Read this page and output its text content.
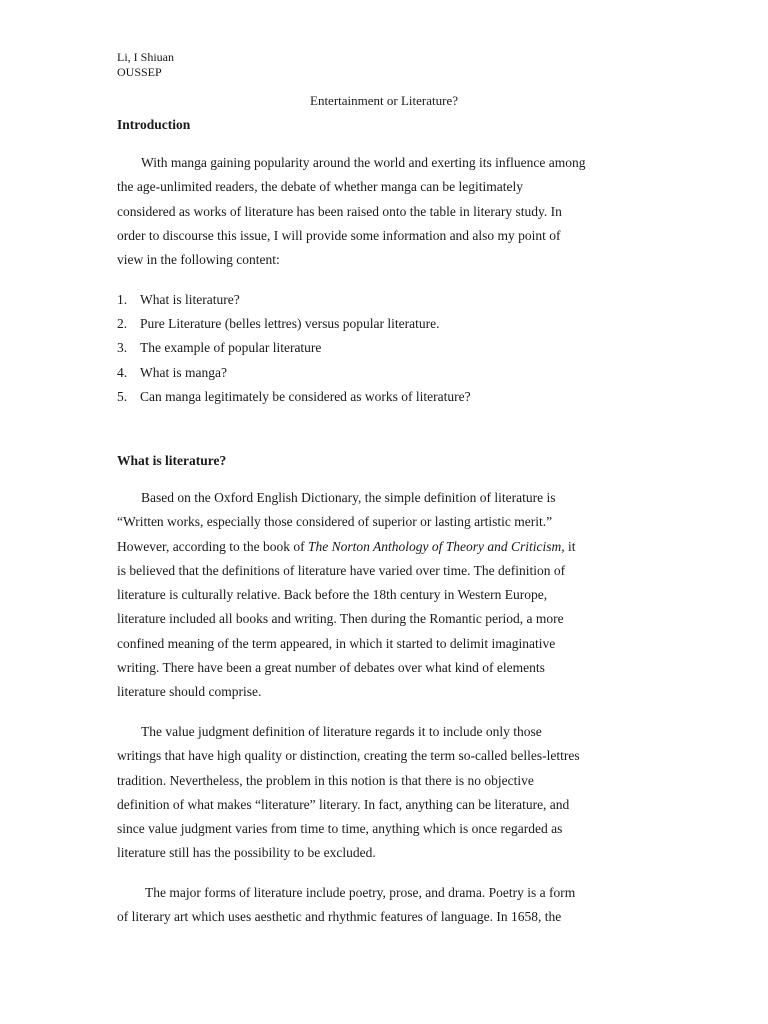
Li, I Shiuan
OUSSEP
Entertainment or Literature?
Introduction
With manga gaining popularity around the world and exerting its influence among
the age-unlimited readers, the debate of whether manga can be legitimately
considered as works of literature has been raised onto the table in literary study. In
order to discourse this issue, I will provide some information and also my point of
view in the following content:
1. What is literature?
2. Pure Literature (belles lettres) versus popular literature.
3. The example of popular literature
4. What is manga?
5. Can manga legitimately be considered as works of literature?
What is literature?
Based on the Oxford English Dictionary, the simple definition of literature is
“Written works, especially those considered of superior or lasting artistic merit.”
However, according to the book of The Norton Anthology of Theory and Criticism, it
is believed that the definitions of literature have varied over time. The definition of
literature is culturally relative. Back before the 18th century in Western Europe,
literature included all books and writing. Then during the Romantic period, a more
confined meaning of the term appeared, in which it started to delimit imaginative
writing. There have been a great number of debates over what kind of elements
literature should comprise.
The value judgment definition of literature regards it to include only those
writings that have high quality or distinction, creating the term so-called belles-lettres
tradition. Nevertheless, the problem in this notion is that there is no objective
definition of what makes “literature” literary. In fact, anything can be literature, and
since value judgment varies from time to time, anything which is once regarded as
literature still has the possibility to be excluded.
The major forms of literature include poetry, prose, and drama. Poetry is a form
of literary art which uses aesthetic and rhythmic features of language. In 1658, the
